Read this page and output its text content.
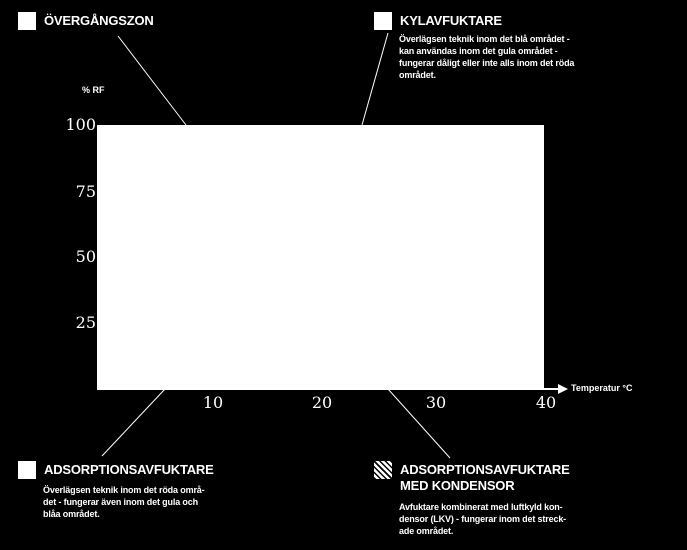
ÖVERGÅNGSZON	KYLAVFUKTARE
Överlägsen teknik inom det blå området -
kan användas inom det gula området -
fungerar dåligt eller inte alls inom det röda
området.
% RF
100
75
50
25
Temperatur °C
10	20	30	40
ADSORPTIONSAVFUKTARE
Överlägsen teknik inom det röda områ-
det - fungerar även inom det gula och
blåa området.
ADSORPTIONSAVFUKTARE
MED KONDENSOR
Avfuktare kombinerat med luftkyld kon-
densor (LKV) - fungerar inom det streck-
ade området.
